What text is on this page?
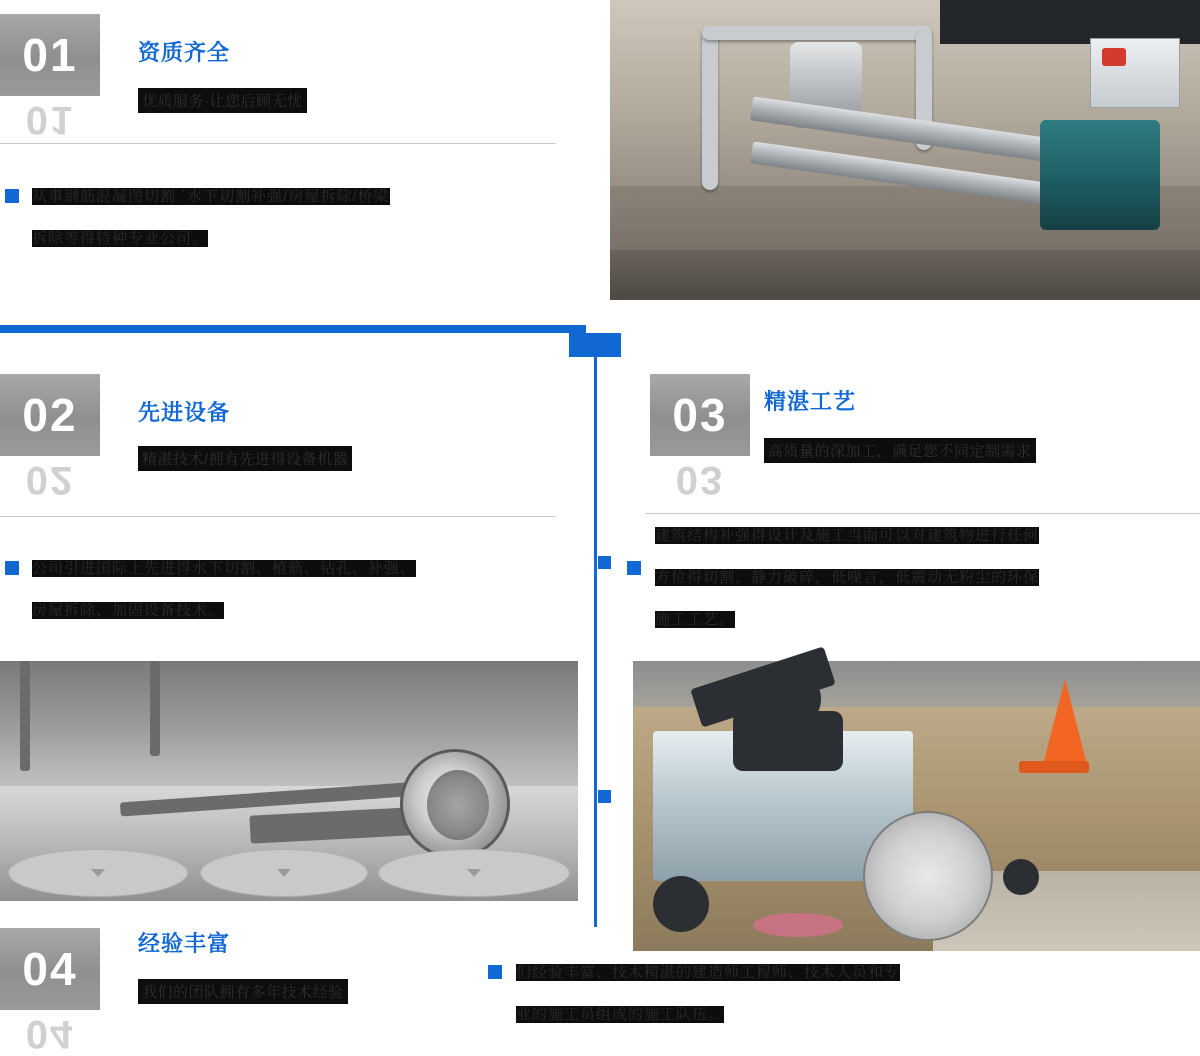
01
01
资质齐全
优质服务·让您后顾无忧
从事钢筋混凝图切割 ˊ水下切割补强/房屋拆除/桥梁
拆除等得特种专业公司。
02
02
先进设备
精湛技术/拥有先进得设备机器
公司引进国际上先进得水下切割、植筋、钻孔、补强、
房屋拆除、加固设备技术。
03
03
精湛工艺
高质量的深加工，满足您不同定制需求
建筑结构补强得设计及施工当面可以对建筑物进行任何
方位得切割、静力破碎，低噪言，低震动无粉尘的环保
施工工艺。
04
04
经验丰富
我们的团队拥有多年技术经验
们经验丰富、技术精湛的建造师工程师、技术人员和专
业的施工员组成的施工队伍。
